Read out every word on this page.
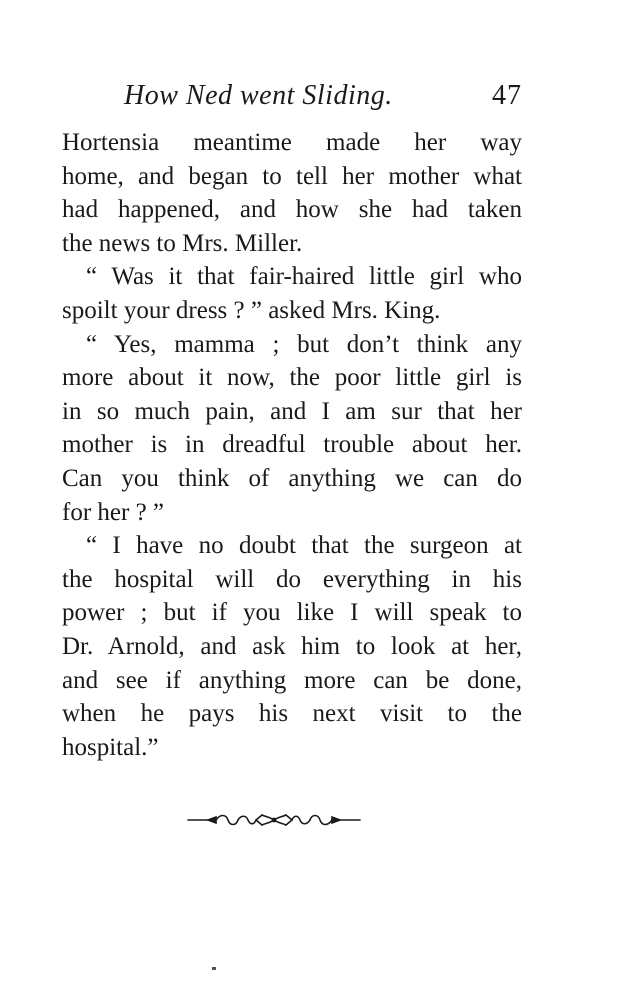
How Ned went Sliding.	47
Hortensia meantime made her way
home, and began to tell her mother what
had happened, and how she had taken
the news to Mrs. Miller.
“ Was it that fair-haired little girl who
spoilt your dress ? ” asked Mrs. King.
“ Yes, mamma ; but don’t think any
more about it now, the poor little girl is
in so much pain, and I am sur that her
mother is in dreadful trouble about her.
Can you think of anything we can do
for her ? ”
“ I have no doubt that the surgeon at
the hospital will do everything in his
power ; but if you like I will speak to
Dr. Arnold, and ask him to look at her,
and see if anything more can be done,
when he pays his next visit to the
hospital.”
